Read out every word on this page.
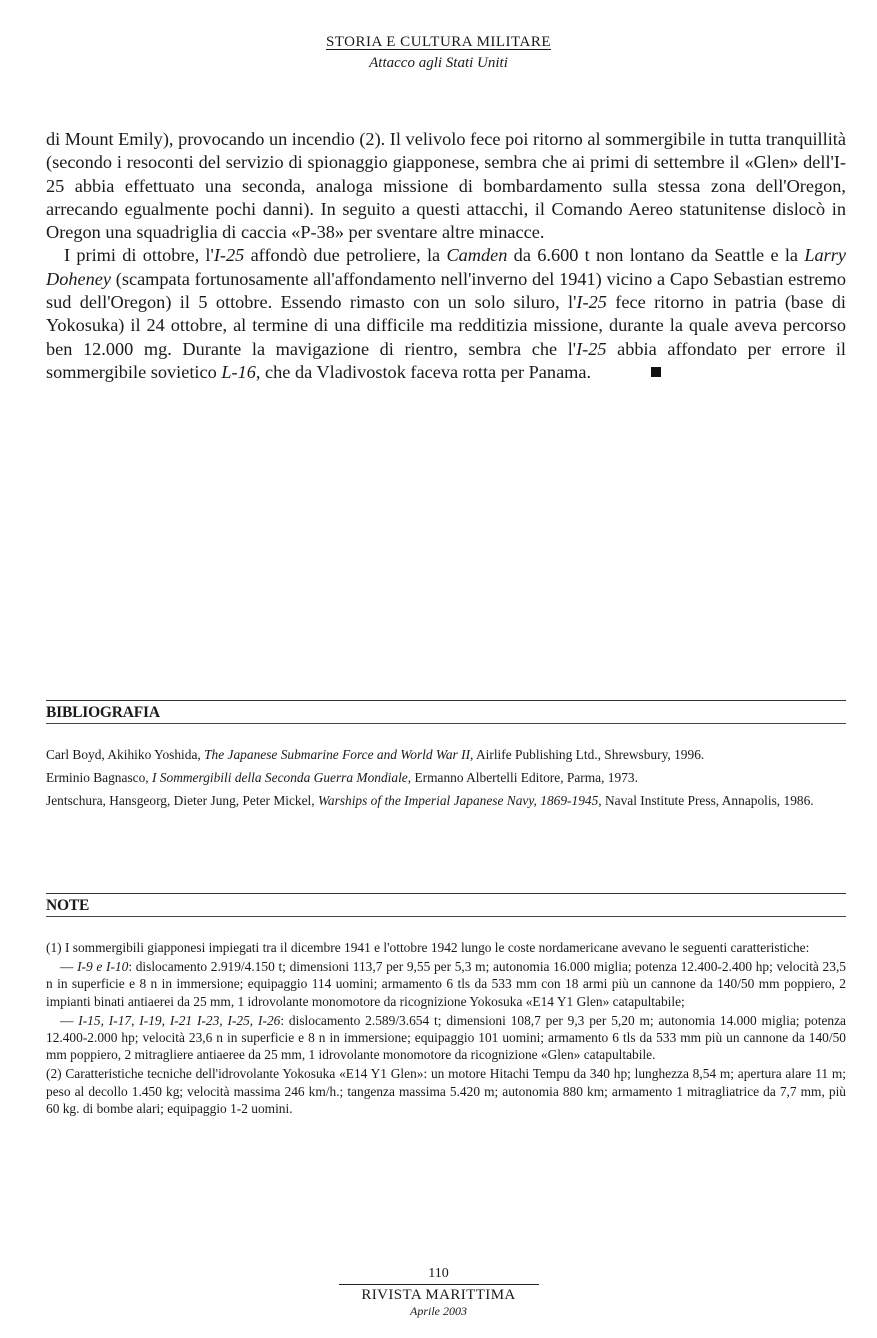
STORIA E CULTURA MILITARE
Attacco agli Stati Uniti

di Mount Emily), provocando un incendio (2). Il velivolo fece poi ritorno al sommergibile in tutta tranquillità (secondo i resoconti del servizio di spionaggio giapponese, sembra che ai primi di settembre il «Glen» dell'I-25 abbia effettuato una seconda, analoga missione di bombardamento sulla stessa zona dell'Oregon, arrecando egualmente pochi danni). In seguito a questi attacchi, il Comando Aereo statunitense dislocò in Oregon una squadriglia di caccia «P-38» per sventare altre minacce.

I primi di ottobre, l'I-25 affondò due petroliere, la Camden da 6.600 t non lontano da Seattle e la Larry Doheney (scampata fortunosamente all'affondamento nell'inverno del 1941) vicino a Capo Sebastian estremo sud dell'Oregon) il 5 ottobre. Essendo rimasto con un solo siluro, l'I-25 fece ritorno in patria (base di Yokosuka) il 24 ottobre, al termine di una difficile ma redditizia missione, durante la quale aveva percorso ben 12.000 mg. Durante la mavigazione di rientro, sembra che l'I-25 abbia affondato per errore il sommergibile sovietico L-16, che da Vladivostok faceva rotta per Panama.

BIBLIOGRAFIA
Carl Boyd, Akihiko Yoshida, The Japanese Submarine Force and World War II, Airlife Publishing Ltd., Shrewsbury, 1996.
Erminio Bagnasco, I Sommergibili della Seconda Guerra Mondiale, Ermanno Albertelli Editore, Parma, 1973.
Jentschura, Hansgeorg, Dieter Jung, Peter Mickel, Warships of the Imperial Japanese Navy, 1869-1945, Naval Institute Press, Annapolis, 1986.
NOTE

(1) I sommergibili giapponesi impiegati tra il dicembre 1941 e l'ottobre 1942 lungo le coste nordamericane avevano le seguenti caratteristiche:

— I-9 e I-10: dislocamento 2.919/4.150 t; dimensioni 113,7 per 9,55 per 5,3 m; autonomia 16.000 miglia; potenza 12.400-2.400 hp; velocità 23,5 n in superficie e 8 n in immersione; equipaggio 114 uomini; armamento 6 tls da 533 mm con 18 armi più un cannone da 140/50 mm poppiero, 2 impianti binati antiaerei da 25 mm, 1 idrovolante monomotore da ricognizione Yokosuka «E14 Y1 Glen» catapultabile;

— I-15, I-17, I-19, I-21 I-23, I-25, I-26: dislocamento 2.589/3.654 t; dimensioni 108,7 per 9,3 per 5,20 m; autonomia 14.000 miglia; potenza 12.400-2.000 hp; velocità 23,6 n in superficie e 8 n in immersione; equipaggio 101 uomini; armamento 6 tls da 533 mm più un cannone da 140/50 mm poppiero, 2 mitragliere antiaeree da 25 mm, 1 idrovolante monomotore da ricognizione «Glen» catapultabile.

(2) Caratteristiche tecniche dell'idrovolante Yokosuka «E14 Y1 Glen»: un motore Hitachi Tempu da 340 hp; lunghezza 8,54 m; apertura alare 11 m; peso al decollo 1.450 kg; velocità massima 246 km/h.; tangenza massima 5.420 m; autonomia 880 km; armamento 1 mitragliatrice da 7,7 mm, più 60 kg. di bombe alari; equipaggio 1-2 uomini.

110
RIVISTA MARITTIMA
Aprile 2003
